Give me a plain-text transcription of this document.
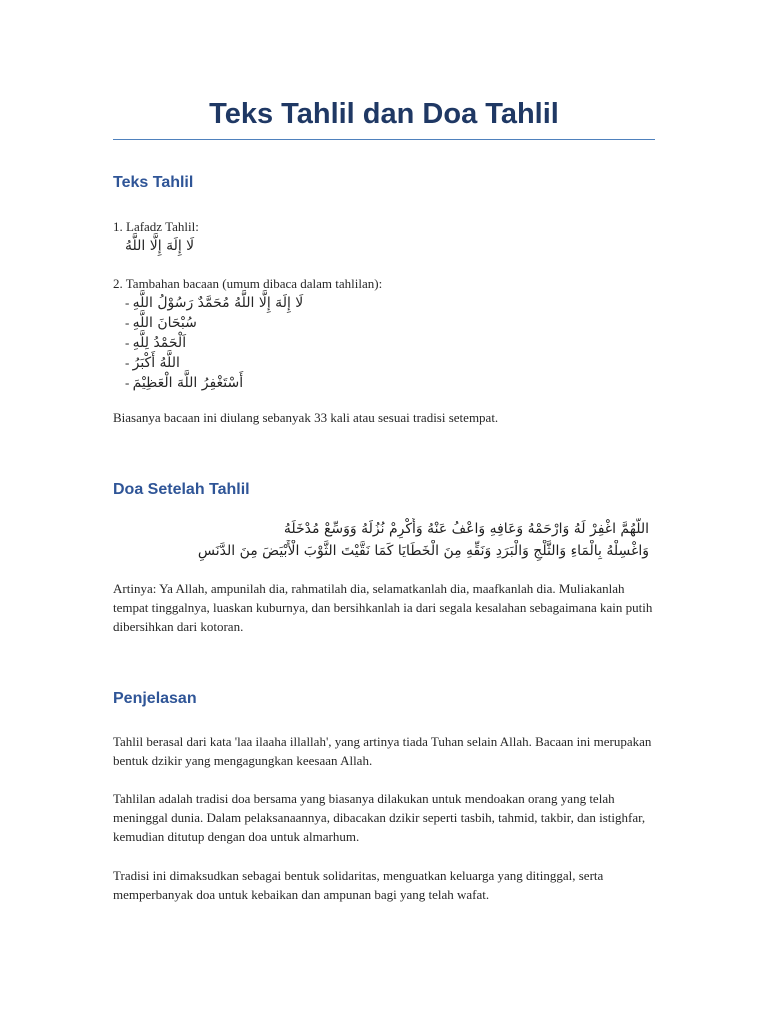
Teks Tahlil dan Doa Tahlil
Teks Tahlil
1. Lafadz Tahlil:
لَا إِلَهَ إِلَّا اللَّهُ
2. Tambahan bacaan (umum dibaca dalam tahlilan):
- لَا إِلَهَ إِلَّا اللَّهُ مُحَمَّدٌ رَسُوْلُ اللَّهِ
- سُبْحَانَ اللَّهِ
- اَلْحَمْدُ لِلَّهِ
- اللَّهُ أَكْبَرُ
- أَسْتَغْفِرُ اللَّهَ الْعَظِيْمَ

Biasanya bacaan ini diulang sebanyak 33 kali atau sesuai tradisi setempat.

Doa Setelah Tahlil
اللَّهُمَّ اغْفِرْ لَهُ وَارْحَمْهُ وَعَافِهِ وَاعْفُ عَنْهُ وَأَكْرِمْ نُزُلَهُ وَوَسِّعْ مُدْخَلَهُ
وَاغْسِلْهُ بِالْمَاءِ وَالثَّلْجِ وَالْبَرَدِ وَنَقِّهِ مِنَ الْخَطَايَا كَمَا نَقَّيْتَ الثَّوْبَ الْأَبْيَضَ مِنَ الدَّنَسِ

Artinya: Ya Allah, ampunilah dia, rahmatilah dia, selamatkanlah dia, maafkanlah dia. Muliakanlah tempat tinggalnya, luaskan kuburnya, dan bersihkanlah ia dari segala kesalahan sebagaimana kain putih dibersihkan dari kotoran.

Penjelasan

Tahlil berasal dari kata 'laa ilaaha illallah', yang artinya tiada Tuhan selain Allah. Bacaan ini merupakan bentuk dzikir yang mengagungkan keesaan Allah.

Tahlilan adalah tradisi doa bersama yang biasanya dilakukan untuk mendoakan orang yang telah meninggal dunia. Dalam pelaksanaannya, dibacakan dzikir seperti tasbih, tahmid, takbir, dan istighfar, kemudian ditutup dengan doa untuk almarhum.

Tradisi ini dimaksudkan sebagai bentuk solidaritas, menguatkan keluarga yang ditinggal, serta memperbanyak doa untuk kebaikan dan ampunan bagi yang telah wafat.
